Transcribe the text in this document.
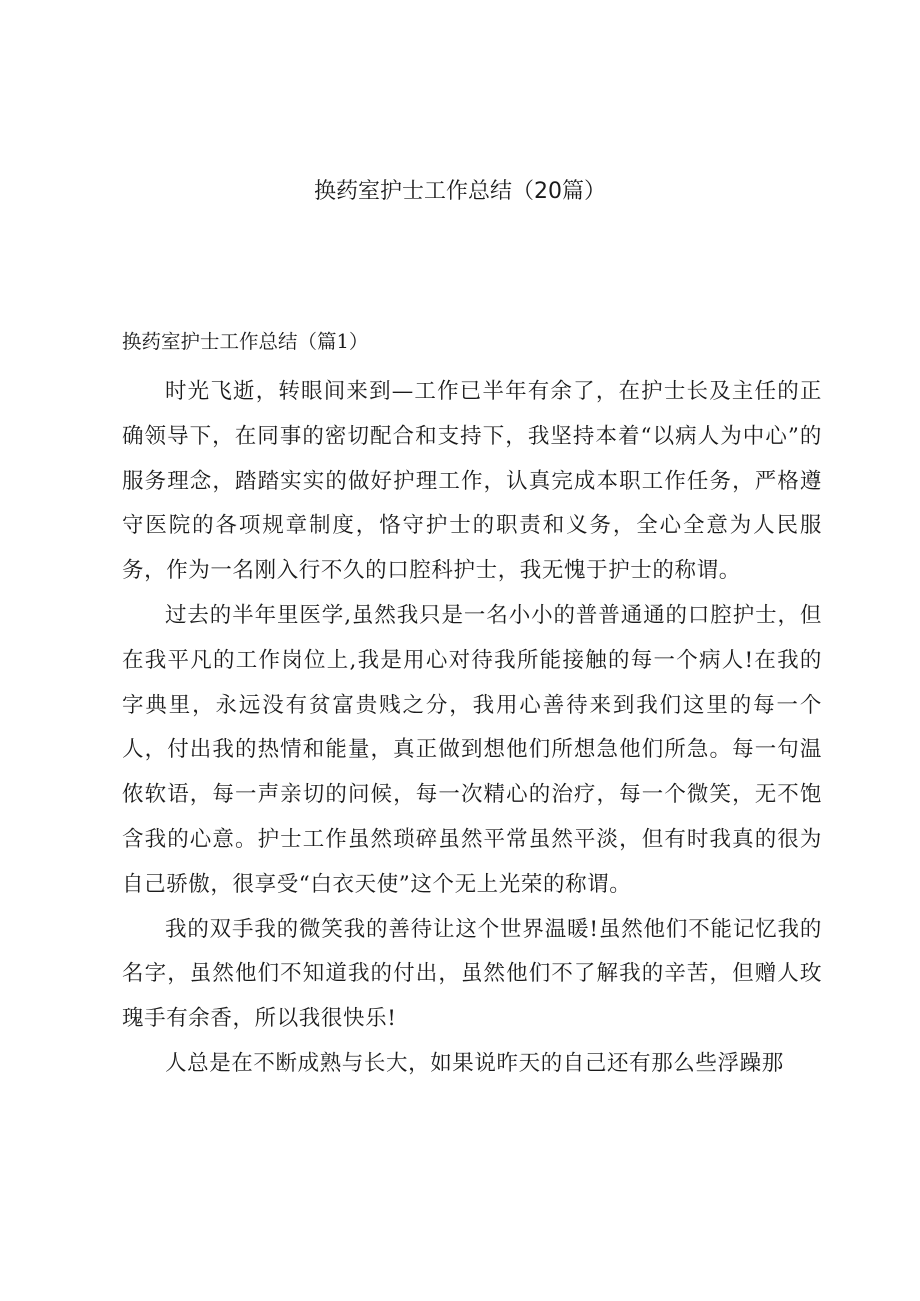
换药室护士工作总结（20篇）
换药室护士工作总结（篇1）

时光飞逝，转眼间来到—工作已半年有余了，在护士长及主任的正确领导下，在同事的密切配合和支持下，我坚持本着“以病人为中心”的服务理念，踏踏实实的做好护理工作，认真完成本职工作任务，严格遵守医院的各项规章制度，恪守护士的职责和义务，全心全意为人民服务，作为一名刚入行不久的口腔科护士，我无愧于护士的称谓。

过去的半年里医学,虽然我只是一名小小的普普通通的口腔护士，但在我平凡的工作岗位上,我是用心对待我所能接触的每一个病人!在我的字典里，永远没有贫富贵贱之分，我用心善待来到我们这里的每一个人，付出我的热情和能量，真正做到想他们所想急他们所急。每一句温侬软语，每一声亲切的问候，每一次精心的治疗，每一个微笑，无不饱含我的心意。护士工作虽然琐碎虽然平常虽然平淡，但有时我真的很为自己骄傲，很享受“白衣天使”这个无上光荣的称谓。

我的双手我的微笑我的善待让这个世界温暖!虽然他们不能记忆我的名字，虽然他们不知道我的付出，虽然他们不了解我的辛苦，但赠人玫瑰手有余香，所以我很快乐!

人总是在不断成熟与长大，如果说昨天的自己还有那么些浮躁那
